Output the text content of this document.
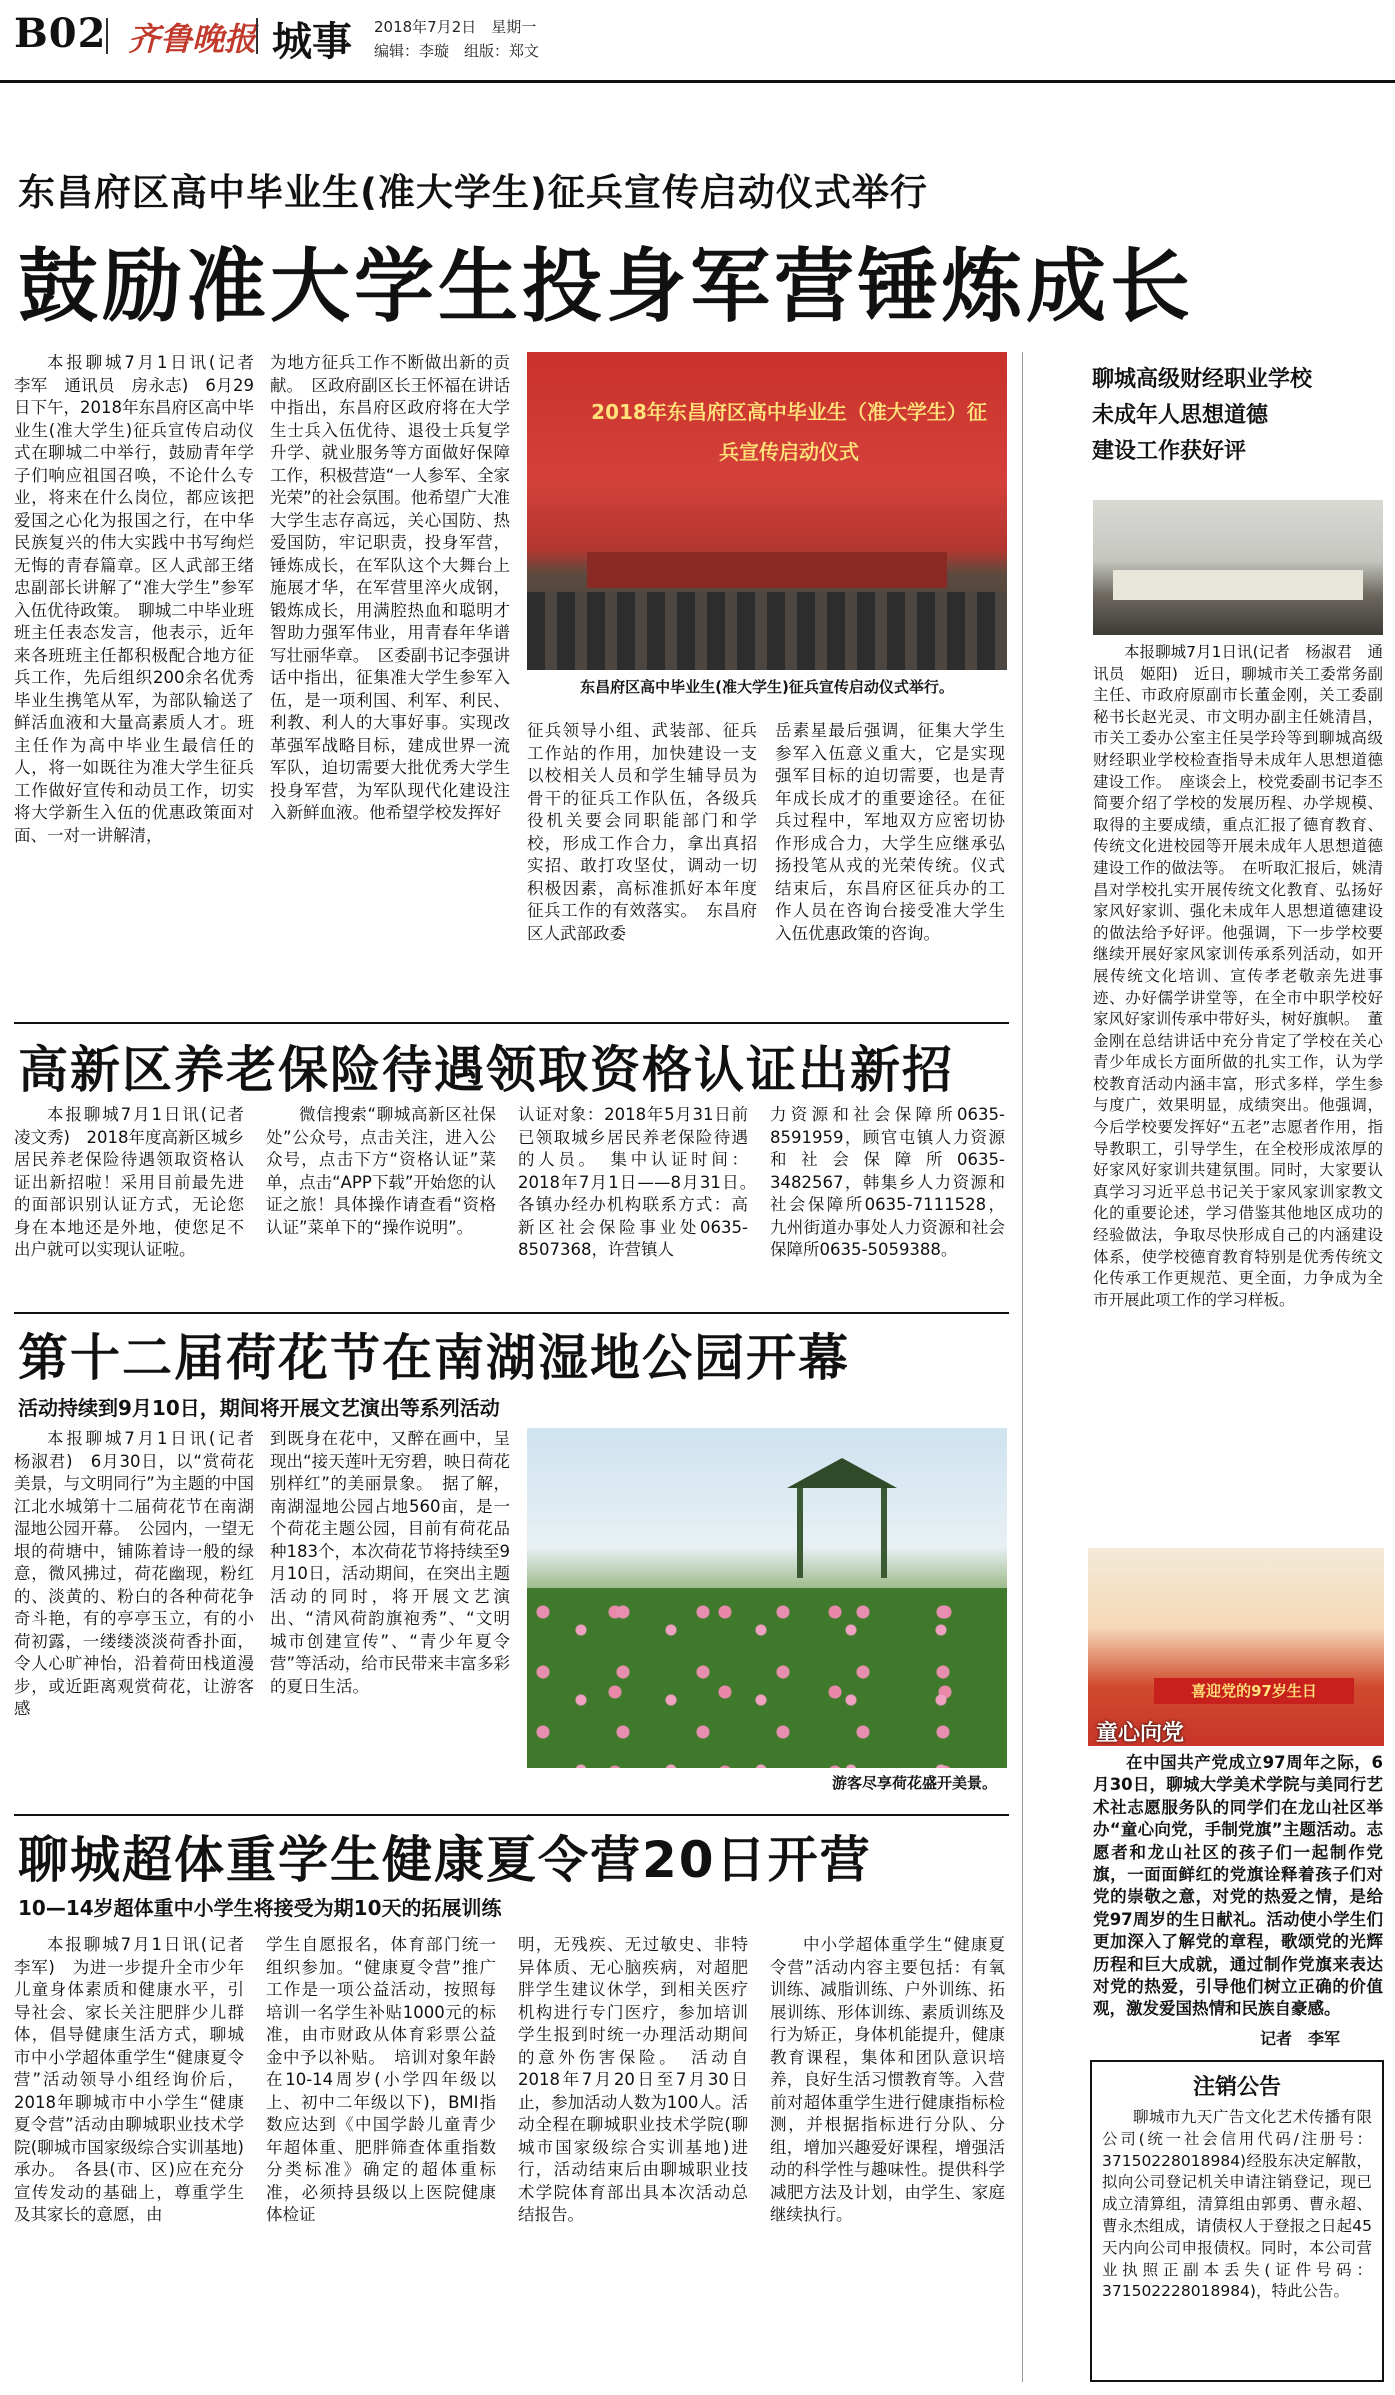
B02 齐鲁晚报 城事 2018年7月2日　星期一
编辑：李璇　组版：郑文
东昌府区高中毕业生(准大学生)征兵宣传启动仪式举行
鼓励准大学生投身军营锤炼成长
本报聊城7月1日讯(记者　李军　通讯员　房永志)　6月29日下午，2018年东昌府区高中毕业生(准大学生)征兵宣传启动仪式在聊城二中举行，鼓励青年学子们响应祖国召唤，不论什么专业，将来在什么岗位，都应该把爱国之心化为报国之行，在中华民族复兴的伟大实践中书写绚烂无悔的青春篇章。区人武部王绪忠副部长讲解了“准大学生”参军入伍优待政策。　聊城二中毕业班班主任表态发言，他表示，近年来各班班主任都积极配合地方征兵工作，先后组织200余名优秀毕业生携笔从军，为部队输送了鲜活血液和大量高素质人才。班主任作为高中毕业生最信任的人，将一如既往为准大学生征兵工作做好宣传和动员工作，切实将大学新生入伍的优惠政策面对面、一对一讲解清，
为地方征兵工作不断做出新的贡献。　区政府副区长王怀福在讲话中指出，东昌府区政府将在大学生士兵入伍优待、退役士兵复学升学、就业服务等方面做好保障工作，积极营造“一人参军、全家光荣”的社会氛围。他希望广大准大学生志存高远，关心国防、热爱国防，牢记职责，投身军营，锤炼成长，在军队这个大舞台上施展才华，在军营里淬火成钢，锻炼成长，用满腔热血和聪明才智助力强军伟业，用青春年华谱写壮丽华章。　区委副书记李强讲话中指出，征集准大学生参军入伍，是一项利国、利军、利民、利教、利人的大事好事。实现改革强军战略目标，建成世界一流军队，迫切需要大批优秀大学生投身军营，为军队现代化建设注入新鲜血液。他希望学校发挥好
2018年东昌府区高中毕业生（准大学生）征兵宣传启动仪式
东昌府区高中毕业生(准大学生)征兵宣传启动仪式举行。
征兵领导小组、武装部、征兵工作站的作用，加快建设一支以校相关人员和学生辅导员为骨干的征兵工作队伍，各级兵役机关要会同职能部门和学校，形成工作合力，拿出真招实招、敢打攻坚仗，调动一切积极因素，高标准抓好本年度征兵工作的有效落实。　东昌府区人武部政委
岳素星最后强调，征集大学生参军入伍意义重大，它是实现强军目标的迫切需要，也是青年成长成才的重要途径。在征兵过程中，军地双方应密切协作形成合力，大学生应继承弘扬投笔从戎的光荣传统。仪式结束后，东昌府区征兵办的工作人员在咨询台接受准大学生入伍优惠政策的咨询。
高新区养老保险待遇领取资格认证出新招
本报聊城7月1日讯(记者　凌文秀)　2018年度高新区城乡居民养老保险待遇领取资格认证出新招啦！采用目前最先进的面部识别认证方式，无论您身在本地还是外地，使您足不出户就可以实现认证啦。
微信搜索“聊城高新区社保处”公众号，点击关注，进入公众号，点击下方“资格认证”菜单，点击“APP下载”开始您的认证之旅！具体操作请查看“资格认证”菜单下的“操作说明”。
认证对象：2018年5月31日前已领取城乡居民养老保险待遇的人员。　集中认证时间：2018年7月1日——8月31日。　各镇办经办机构联系方式：高新区社会保险事业处0635-8507368，许营镇人
力资源和社会保障所0635-8591959，顾官屯镇人力资源和社会保障所0635-3482567，韩集乡人力资源和社会保障所0635-7111528，九州街道办事处人力资源和社会保障所0635-5059388。
第十二届荷花节在南湖湿地公园开幕
活动持续到9月10日，期间将开展文艺演出等系列活动
本报聊城7月1日讯(记者　杨淑君)　6月30日，以“赏荷花美景，与文明同行”为主题的中国江北水城第十二届荷花节在南湖湿地公园开幕。　公园内，一望无垠的荷塘中，铺陈着诗一般的绿意，微风拂过，荷花幽现，粉红的、淡黄的、粉白的各种荷花争奇斗艳，有的亭亭玉立，有的小荷初露，一缕缕淡淡荷香扑面，令人心旷神怡，沿着荷田栈道漫步，或近距离观赏荷花，让游客感
到既身在花中，又醉在画中，呈现出“接天莲叶无穷碧，映日荷花别样红”的美丽景象。　据了解，南湖湿地公园占地560亩，是一个荷花主题公园，目前有荷花品种183个，本次荷花节将持续至9月10日，活动期间，在突出主题活动的同时，将开展文艺演出、“清风荷韵旗袍秀”、“文明城市创建宣传”、“青少年夏令营”等活动，给市民带来丰富多彩的夏日生活。
游客尽享荷花盛开美景。
聊城超体重学生健康夏令营20日开营
10—14岁超体重中小学生将接受为期10天的拓展训练
本报聊城7月1日讯(记者　李军)　为进一步提升全市少年儿童身体素质和健康水平，引导社会、家长关注肥胖少儿群体，倡导健康生活方式，聊城市中小学超体重学生“健康夏令营”活动领导小组经询价后，2018年聊城市中小学生“健康夏令营”活动由聊城职业技术学院(聊城市国家级综合实训基地)承办。　各县(市、区)应在充分宣传发动的基础上，尊重学生及其家长的意愿，由
学生自愿报名，体育部门统一组织参加。“健康夏令营”推广工作是一项公益活动，按照每培训一名学生补贴1000元的标准，由市财政从体育彩票公益金中予以补贴。　培训对象年龄在10-14周岁(小学四年级以上、初中二年级以下)，BMI指数应达到《中国学龄儿童青少年超体重、肥胖筛查体重指数分类标准》确定的超体重标准，必须持县级以上医院健康体检证
明，无残疾、无过敏史、非特异体质、无心脑疾病，对超肥胖学生建议休学，到相关医疗机构进行专门医疗，参加培训学生报到时统一办理活动期间的意外伤害保险。　活动自2018年7月20日至7月30日止，参加活动人数为100人。活动全程在聊城职业技术学院(聊城市国家级综合实训基地)进行，活动结束后由聊城职业技术学院体育部出具本次活动总结报告。
中小学超体重学生“健康夏令营”活动内容主要包括：有氧训练、减脂训练、户外训练、拓展训练、形体训练、素质训练及行为矫正，身体机能提升，健康教育课程，集体和团队意识培养，良好生活习惯教育等。入营前对超体重学生进行健康指标检测，并根据指标进行分队、分组，增加兴趣爱好课程，增强活动的科学性与趣味性。提供科学减肥方法及计划，由学生、家庭继续执行。
聊城高级财经职业学校
未成年人思想道德
建设工作获好评
本报聊城7月1日讯(记者　杨淑君　通讯员　姬阳)　近日，聊城市关工委常务副主任、市政府原副市长董金刚，关工委副秘书长赵光灵、市文明办副主任姚清昌，市关工委办公室主任吴学玲等到聊城高级财经职业学校检查指导未成年人思想道德建设工作。　座谈会上，校党委副书记李丕简要介绍了学校的发展历程、办学规模、取得的主要成绩，重点汇报了德育教育、传统文化进校园等开展未成年人思想道德建设工作的做法等。　在听取汇报后，姚清昌对学校扎实开展传统文化教育、弘扬好家风好家训、强化未成年人思想道德建设的做法给予好评。他强调，下一步学校要继续开展好家风家训传承系列活动，如开展传统文化培训、宣传孝老敬亲先进事迹、办好儒学讲堂等，在全市中职学校好家风好家训传承中带好头，树好旗帜。　董金刚在总结讲话中充分肯定了学校在关心青少年成长方面所做的扎实工作，认为学校教育活动内涵丰富，形式多样，学生参与度广，效果明显，成绩突出。他强调，今后学校要发挥好“五老”志愿者作用，指导教职工，引导学生，在全校形成浓厚的好家风好家训共建氛围。同时，大家要认真学习习近平总书记关于家风家训家教文化的重要论述，学习借鉴其他地区成功的经验做法，争取尽快形成自己的内涵建设体系，使学校德育教育特别是优秀传统文化传承工作更规范、更全面，力争成为全市开展此项工作的学习样板。
喜迎党的97岁生日
童心向党
在中国共产党成立97周年之际，6月30日，聊城大学美术学院与美同行艺术社志愿服务队的同学们在龙山社区举办“童心向党，手制党旗”主题活动。志愿者和龙山社区的孩子们一起制作党旗，一面面鲜红的党旗诠释着孩子们对党的崇敬之意，对党的热爱之情，是给党97周岁的生日献礼。活动使小学生们更加深入了解党的章程，歌颂党的光辉历程和巨大成就，通过制作党旗来表达对党的热爱，引导他们树立正确的价值观，激发爱国热情和民族自豪感。
记者　李军
注销公告
聊城市九天广告文化艺术传播有限公司(统一社会信用代码/注册号：371502280189​84)经股东决定解散，拟向公司登记机关申请注销登记，现已成立清算组，清算组由郭勇、曹永超、曹永杰组成，请债权人于登报之日起45天内向公司申报债权。同时，本公司营业执照正副本丢失(证件号码：37150222801898​4)，特此公告。
